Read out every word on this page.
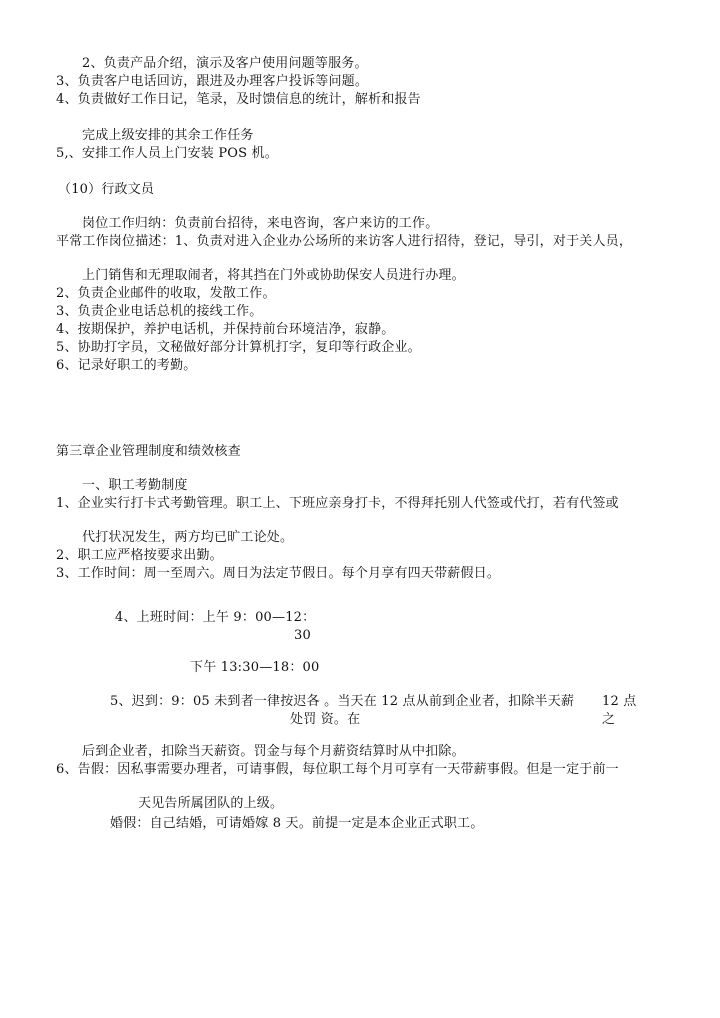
2、负责产品介绍，演示及客户使用问题等服务。
3、负责客户电话回访，跟进及办理客户投诉等问题。
4、负责做好工作日记，笔录，及时馈信息的统计，解析和报告
完成上级安排的其余工作任务
5,、安排工作人员上门安装 POS 机。
（10）行政文员
岗位工作归纳：负责前台招待，来电咨询，客户来访的工作。
平常工作岗位描述：1、负责对进入企业办公场所的来访客人进行招待，登记，导引，对于关人员，
上门销售和无理取闹者，将其挡在门外或协助保安人员进行办理。
2、负责企业邮件的收取，发散工作。
3、负责企业电话总机的接线工作。
4、按期保护，养护电话机，并保持前台环境洁净，寂静。
5、协助打字员，文秘做好部分计算机打字，复印等行政企业。
6、记录好职工的考勤。
第三章企业管理制度和绩效核查
一、职工考勤制度
1、企业实行打卡式考勤管理。职工上、下班应亲身打卡，不得拜托别人代签或代打，若有代签或
代打状况发生，两方均已旷工论处。
2、职工应严格按要求出勤。
3、工作时间：周一至周六。周日为法定节假日。每个月享有四天带薪假日。
4、上班时间：上午 9：00—12：
30
下午 13:30—18：00
5、迟到：9：05 未到者一律按迟各 。当天在 12 点从前到企业者，扣除半天薪 12 点
处罚 资。在	之
后到企业者，扣除当天薪资。罚金与每个月薪资结算时从中扣除。
6、告假：因私事需要办理者，可请事假，每位职工每个月可享有一天带薪事假。但是一定于前一
天见告所属团队的上级。
婚假：自己结婚，可请婚嫁 8 天。前提一定是本企业正式职工。
